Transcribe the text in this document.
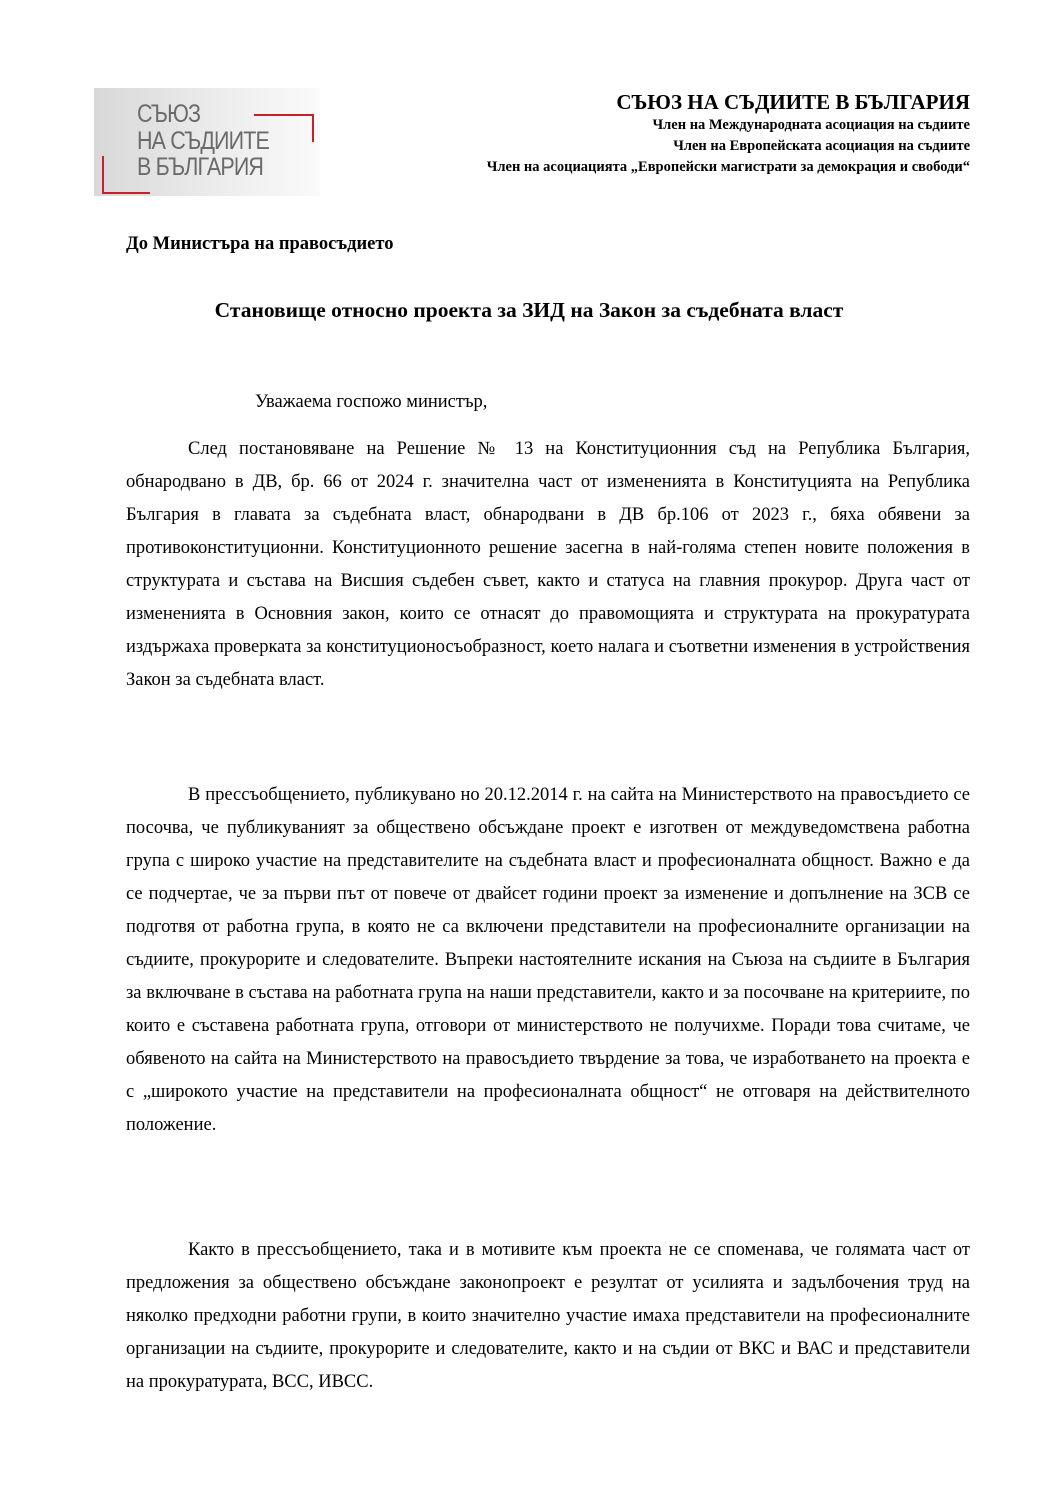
СЪЮЗ
НА СЪДИИТЕ
В БЪЛГАРИЯ
СЪЮЗ НА СЪДИИТЕ В БЪЛГАРИЯ
Член на Международната асоциация на съдиите
Член на Европейската асоциация на съдиите
Член на асоциацията „Европейски магистрати за демокрация и свободи“
До Министъра на правосъдието
Становище относно проекта за ЗИД на Закон за съдебната власт
Уважаема госпожо министър,

След постановяване на Решение № 13 на Конституционния съд на Република България, обнародвано в ДВ, бр. 66 от 2024 г. значителна част от измененията в Конституцията на Република България в главата за съдебната власт, обнародвани в ДВ бр.106 от 2023 г., бяха обявени за противоконституционни. Конституционното решение засегна в най-голяма степен новите положения в структурата и състава на Висшия съдебен съвет, както и статуса на главния прокурор. Друга част от измененията в Основния закон, които се отнасят до правомощията и структурата на прокуратурата издържаха проверката за конституционосъобразност, което налага и съответни изменения в устройствения Закон за съдебната власт.

В прессъобщението, публикувано но 20.12.2014 г. на сайта на Министерството на правосъдието се посочва, че публикуваният за обществено обсъждане проект е изготвен от междуведомствена работна група с широко участие на представителите на съдебната власт и професионалната общност. Важно е да се подчертае, че за първи път от повече от двайсет години проект за изменение и допълнение на ЗСВ се подготвя от работна група, в която не са включени представители на професионалните организации на съдиите, прокурорите и следователите. Въпреки настоятелните искания на Съюза на съдиите в България за включване в състава на работната група на наши представители, както и за посочване на критериите, по които е съставена работната група, отговори от министерството не получихме. Поради това считаме, че обявеното на сайта на Министерството на правосъдието твърдение за това, че изработването на проекта е с „широкото участие на представители на професионалната общност“ не отговаря на действителното положение.

Както в прессъобщението, така и в мотивите към проекта не се споменава, че голямата част от предложения за обществено обсъждане законопроект е резултат от усилията и задълбочения труд на няколко предходни работни групи, в които значително участие имаха представители на професионалните организации на съдиите, прокурорите и следователите, както и на съдии от ВКС и ВАС и представители на прокуратурата, ВСС, ИВСС.
